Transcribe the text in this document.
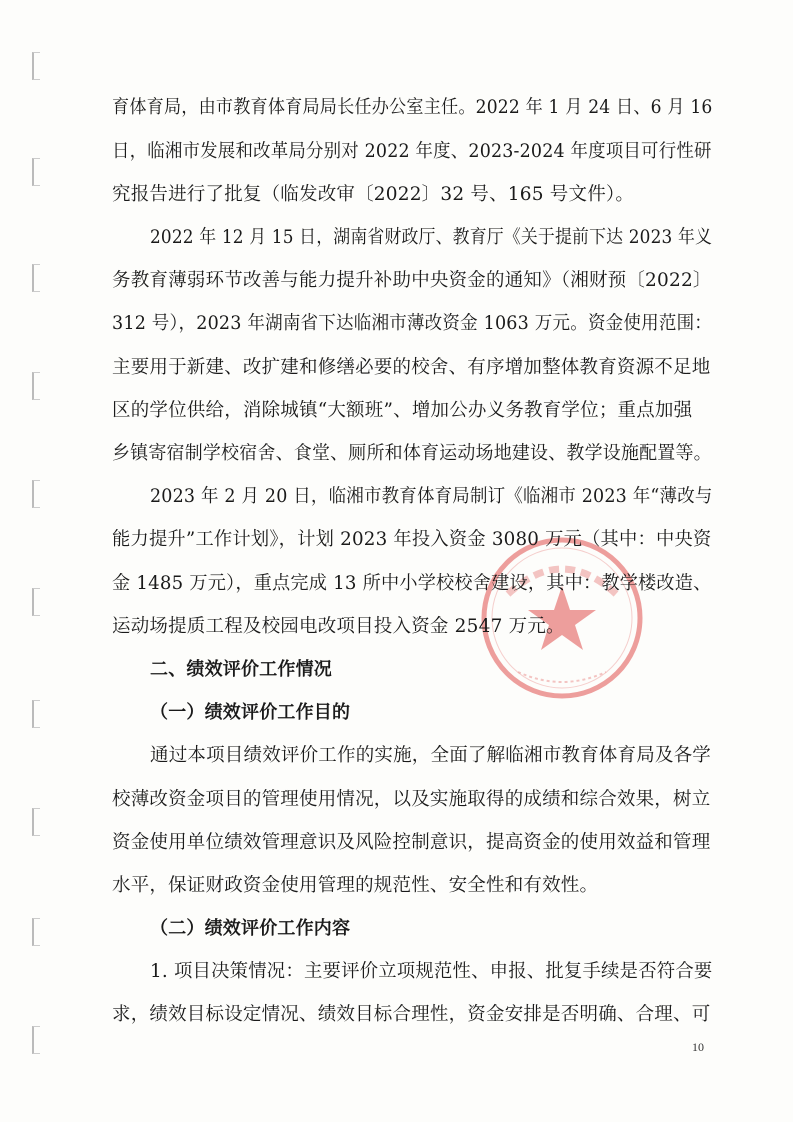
育体育局，由市教育体育局局长任办公室主任。2022 年 1 月 24 日、6 月 16
日，临湘市发展和改革局分别对 2022 年度、2023-2024 年度项目可行性研
究报告进行了批复（临发改审〔2022〕32 号、165 号文件）。
2022 年 12 月 15 日，湖南省财政厅、教育厅《关于提前下达 2023 年义
务教育薄弱环节改善与能力提升补助中央资金的通知》（湘财预〔2022〕
312 号），2023 年湖南省下达临湘市薄改资金 1063 万元。资金使用范围：
主要用于新建、改扩建和修缮必要的校舍、有序增加整体教育资源不足地
区的学位供给，消除城镇“大额班”、增加公办义务教育学位；重点加强
乡镇寄宿制学校宿舍、食堂、厕所和体育运动场地建设、教学设施配置等。
2023 年 2 月 20 日，临湘市教育体育局制订《临湘市 2023 年“薄改与
能力提升”工作计划》，计划 2023 年投入资金 3080 万元（其中：中央资
金 1485 万元），重点完成 13 所中小学校校舍建设，其中：教学楼改造、
运动场提质工程及校园电改项目投入资金 2547 万元。
二、绩效评价工作情况
（一）绩效评价工作目的
通过本项目绩效评价工作的实施，全面了解临湘市教育体育局及各学
校薄改资金项目的管理使用情况，以及实施取得的成绩和综合效果，树立
资金使用单位绩效管理意识及风险控制意识，提高资金的使用效益和管理
水平，保证财政资金使用管理的规范性、安全性和有效性。
（二）绩效评价工作内容
1. 项目决策情况：主要评价立项规范性、申报、批复手续是否符合要
求，绩效目标设定情况、绩效目标合理性，资金安排是否明确、合理、可
10
